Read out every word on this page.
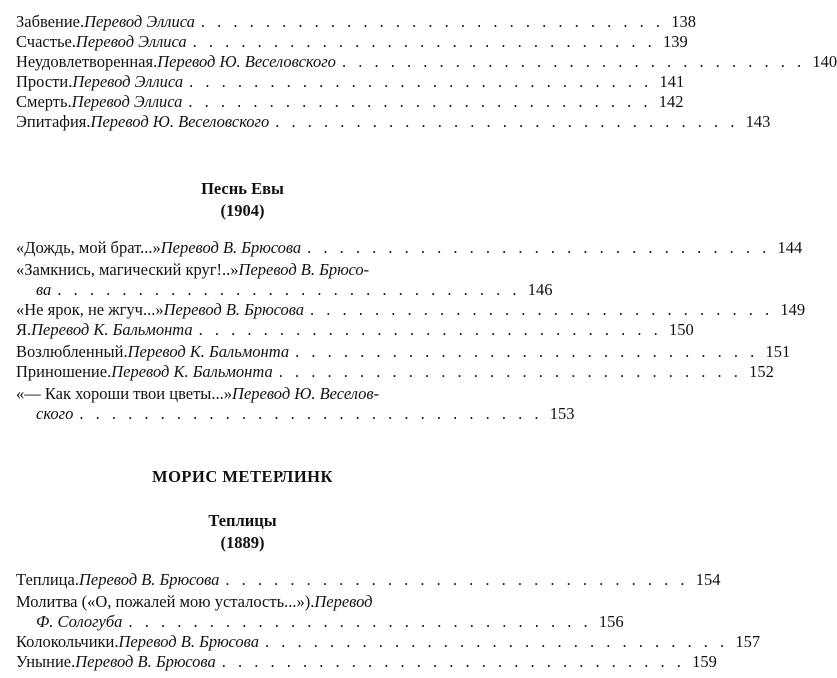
Забвение. Перевод Эллиса . . . . . . . . . . . . . . . . . . . . . . . . . . . . . 138
Счастье. Перевод Эллиса . . . . . . . . . . . . . . . . . . . . . . . . . . . . . 139
Неудовлетворенная. Перевод Ю. Веселовского . . . . . . . . . . . . . . . . . . . . . . . . . . . . . 140
Прости. Перевод Эллиса . . . . . . . . . . . . . . . . . . . . . . . . . . . . . 141
Смерть. Перевод Эллиса . . . . . . . . . . . . . . . . . . . . . . . . . . . . . 142
Эпитафия. Перевод Ю. Веселовского . . . . . . . . . . . . . . . . . . . . . . . . . . . . . 143
Песнь Евы
(1904)
«Дождь, мой брат...» Перевод В. Брюсова . . . . . . . . . . . . . . . . . . . . . . . . . . . . . 144
«Замкнись, магический круг!..» Перевод В. Брюсо-
ва . . . . . . . . . . . . . . . . . . . . . . . . . . . . . 146
«Не ярок, не жгуч...» Перевод В. Брюсова . . . . . . . . . . . . . . . . . . . . . . . . . . . . . 149
Я. Перевод К. Бальмонта . . . . . . . . . . . . . . . . . . . . . . . . . . . . . 150
Возлюбленный. Перевод К. Бальмонта . . . . . . . . . . . . . . . . . . . . . . . . . . . . . 151
Приношение. Перевод К. Бальмонта . . . . . . . . . . . . . . . . . . . . . . . . . . . . . 152
«— Как хороши твои цветы...» Перевод Ю. Веселов-
ского . . . . . . . . . . . . . . . . . . . . . . . . . . . . . 153
МОРИС МЕТЕРЛИНК
Теплицы
(1889)
Теплица. Перевод В. Брюсова . . . . . . . . . . . . . . . . . . . . . . . . . . . . . 154
Молитва («О, пожалей мою усталость...»). Перевод
Ф. Сологуба . . . . . . . . . . . . . . . . . . . . . . . . . . . . . 156
Колокольчики. Перевод В. Брюсова . . . . . . . . . . . . . . . . . . . . . . . . . . . . . 157
Уныние. Перевод В. Брюсова . . . . . . . . . . . . . . . . . . . . . . . . . . . . . 159
